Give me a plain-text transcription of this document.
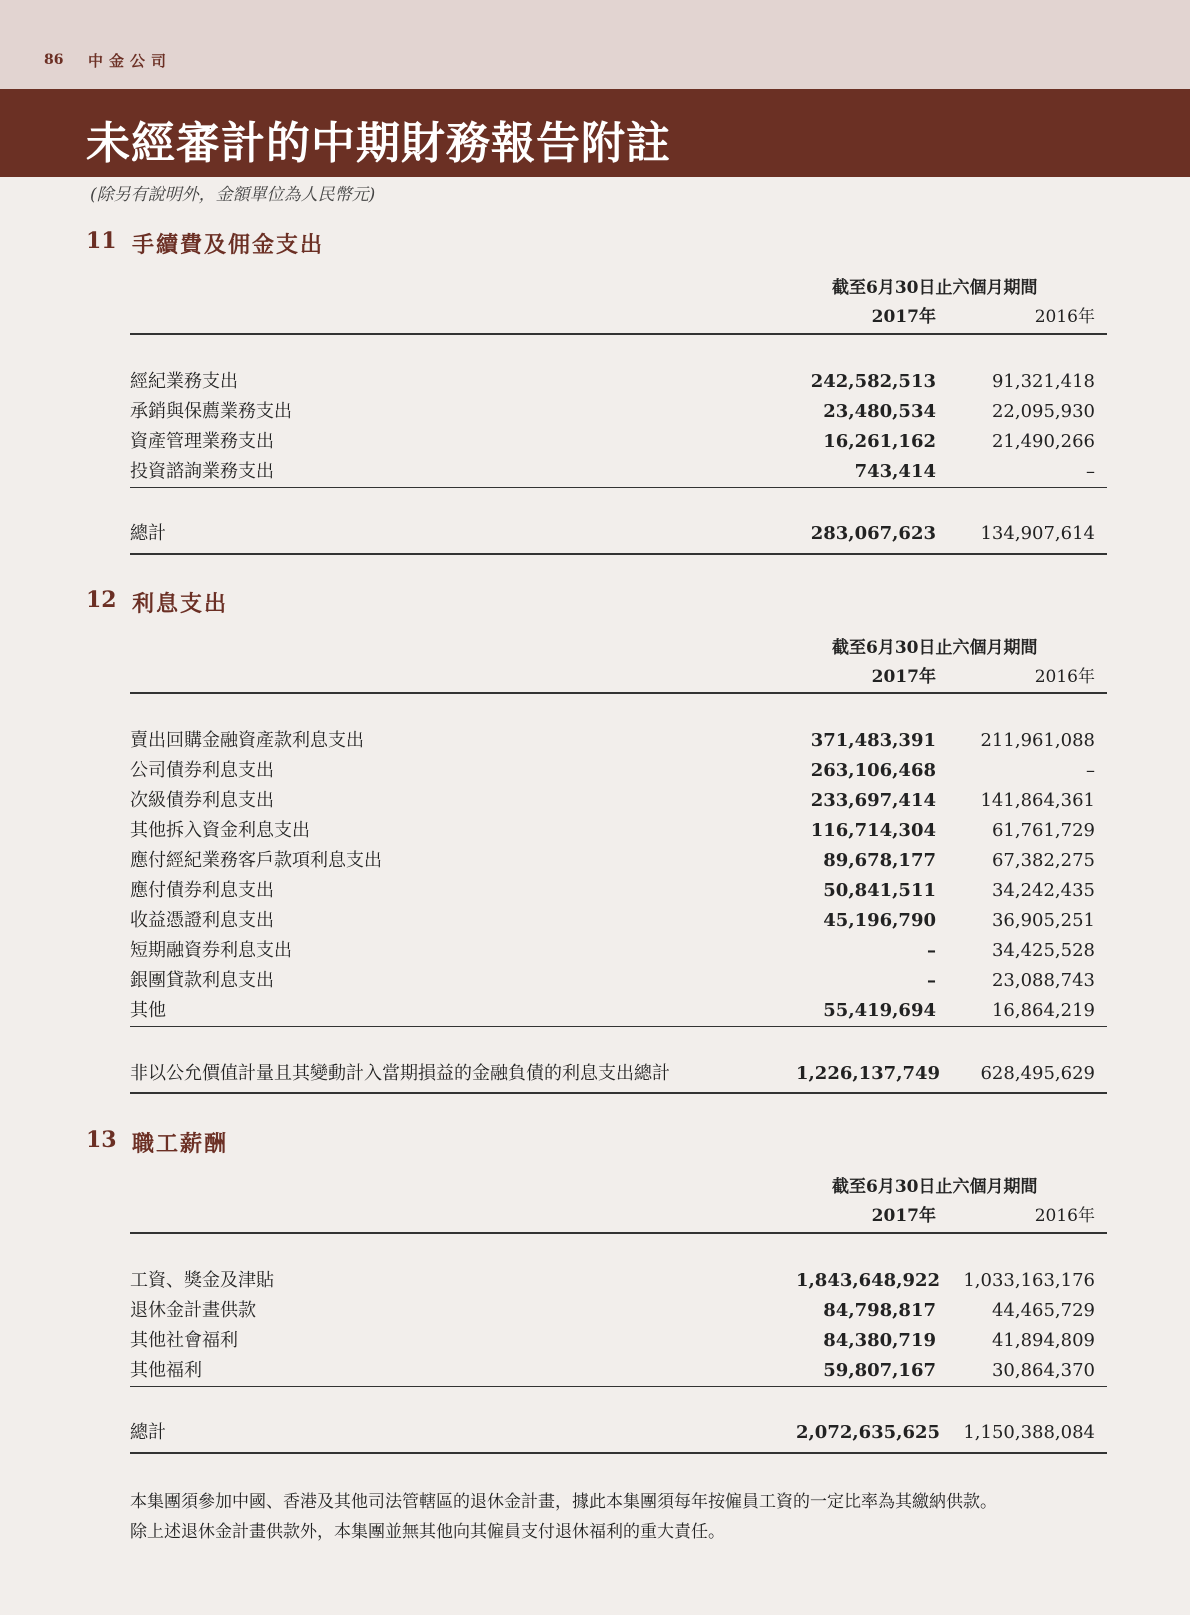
86 中金公司
未經審計的中期財務報告附註
(除另有說明外，金額單位為人民幣元)
11 手續費及佣金支出
截至6月30日止六個月期間
2017年	2016年
經紀業務支出	242,582,513	91,321,418
承銷與保薦業務支出	23,480,534	22,095,930
資產管理業務支出	16,261,162	21,490,266
投資諮詢業務支出	743,414	–
總計	283,067,623	134,907,614
12 利息支出
截至6月30日止六個月期間
2017年	2016年
賣出回購金融資產款利息支出	371,483,391	211,961,088
公司債券利息支出	263,106,468	–
次級債券利息支出	233,697,414	141,864,361
其他拆入資金利息支出	116,714,304	61,761,729
應付經紀業務客戶款項利息支出	89,678,177	67,382,275
應付債券利息支出	50,841,511	34,242,435
收益憑證利息支出	45,196,790	36,905,251
短期融資券利息支出	–	34,425,528
銀團貸款利息支出	–	23,088,743
其他	55,419,694	16,864,219
非以公允價值計量且其變動計入當期損益的金融負債的利息支出總計	1,226,137,749	628,495,629
13 職工薪酬
截至6月30日止六個月期間
2017年	2016年
工資、獎金及津貼	1,843,648,922	1,033,163,176
退休金計畫供款	84,798,817	44,465,729
其他社會福利	84,380,719	41,894,809
其他福利	59,807,167	30,864,370
總計	2,072,635,625	1,150,388,084

本集團須參加中國、香港及其他司法管轄區的退休金計畫，據此本集團須每年按僱員工資的一定比率為其繳納供款。

除上述退休金計畫供款外，本集團並無其他向其僱員支付退休福利的重大責任。
